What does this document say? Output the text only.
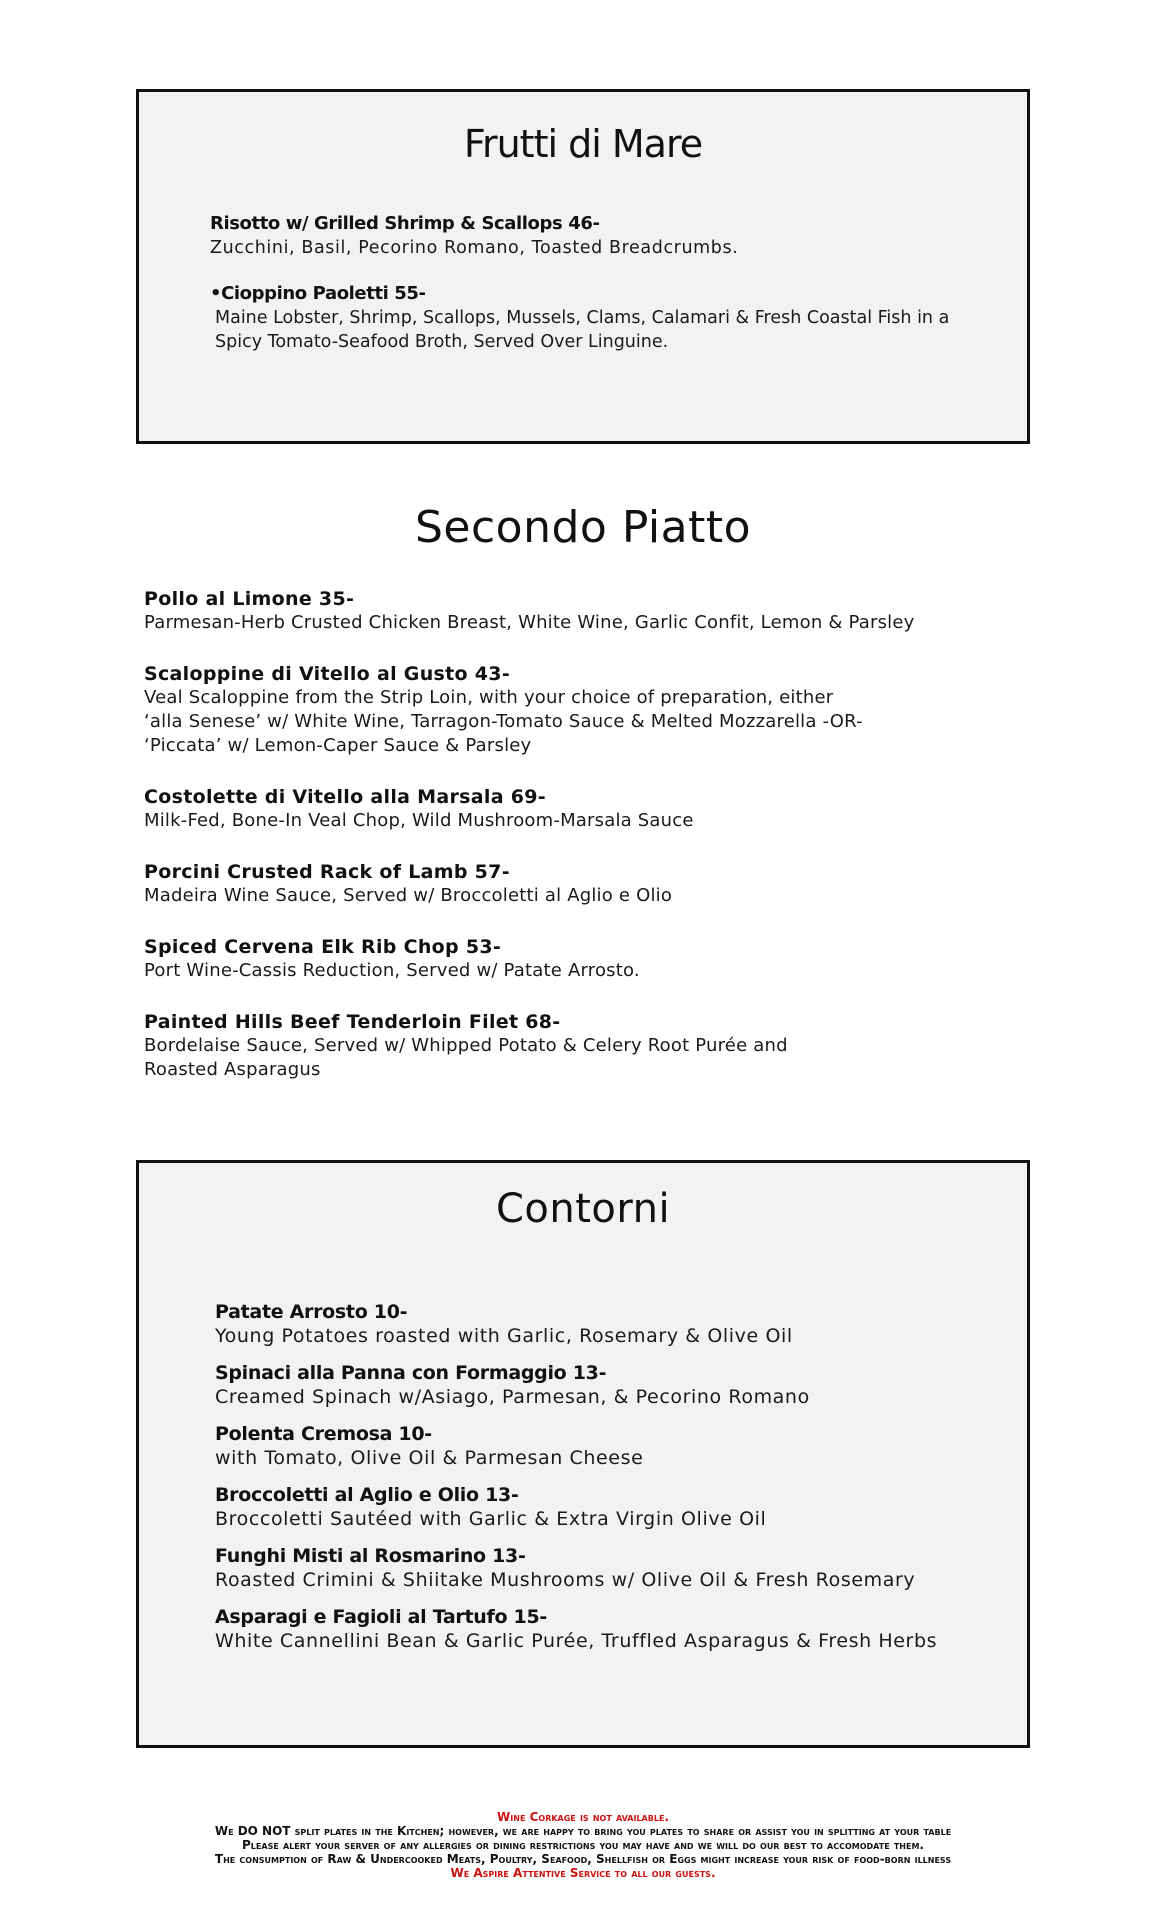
Frutti di Mare
Risotto w/ Grilled Shrimp & Scallops 46-
Zucchini, Basil, Pecorino Romano, Toasted Breadcrumbs.
•Cioppino Paoletti 55-
Maine Lobster, Shrimp, Scallops, Mussels, Clams, Calamari & Fresh Coastal Fish in a
Spicy Tomato-Seafood Broth, Served Over Linguine.
Secondo Piatto
Pollo al Limone 35-
Parmesan-Herb Crusted Chicken Breast, White Wine, Garlic Confit, Lemon & Parsley
Scaloppine di Vitello al Gusto 43-
Veal Scaloppine from the Strip Loin, with your choice of preparation, either
‘alla Senese’ w/ White Wine, Tarragon-Tomato Sauce & Melted Mozzarella -OR-
‘Piccata’ w/ Lemon-Caper Sauce & Parsley
Costolette di Vitello alla Marsala 69-
Milk-Fed, Bone-In Veal Chop, Wild Mushroom-Marsala Sauce
Porcini Crusted Rack of Lamb 57-
Madeira Wine Sauce, Served w/ Broccoletti al Aglio e Olio
Spiced Cervena Elk Rib Chop 53-
Port Wine-Cassis Reduction, Served w/ Patate Arrosto.
Painted Hills Beef Tenderloin Filet 68-
Bordelaise Sauce, Served w/ Whipped Potato & Celery Root Purée and
Roasted Asparagus
Contorni
Patate Arrosto 10-
Young Potatoes roasted with Garlic, Rosemary & Olive Oil
Spinaci alla Panna con Formaggio 13-
Creamed Spinach w/Asiago, Parmesan, & Pecorino Romano
Polenta Cremosa 10-
with Tomato, Olive Oil & Parmesan Cheese
Broccoletti al Aglio e Olio 13-
Broccoletti Sautéed with Garlic & Extra Virgin Olive Oil
Funghi Misti al Rosmarino 13-
Roasted Crimini & Shiitake Mushrooms w/ Olive Oil & Fresh Rosemary
Asparagi e Fagioli al Tartufo 15-
White Cannellini Bean & Garlic Purée, Truffled Asparagus & Fresh Herbs
Wine Corkage is not available.
We DO NOT split plates in the Kitchen; however, we are happy to bring you plates to share or assist you in splitting at your table
Please alert your server of any allergies or dining restrictions you may have and we will do our best to accomodate them.
The consumption of Raw & Undercooked Meats, Poultry, Seafood, Shellfish or Eggs might increase your risk of food-born illness
We Aspire Attentive Service to all our guests.
